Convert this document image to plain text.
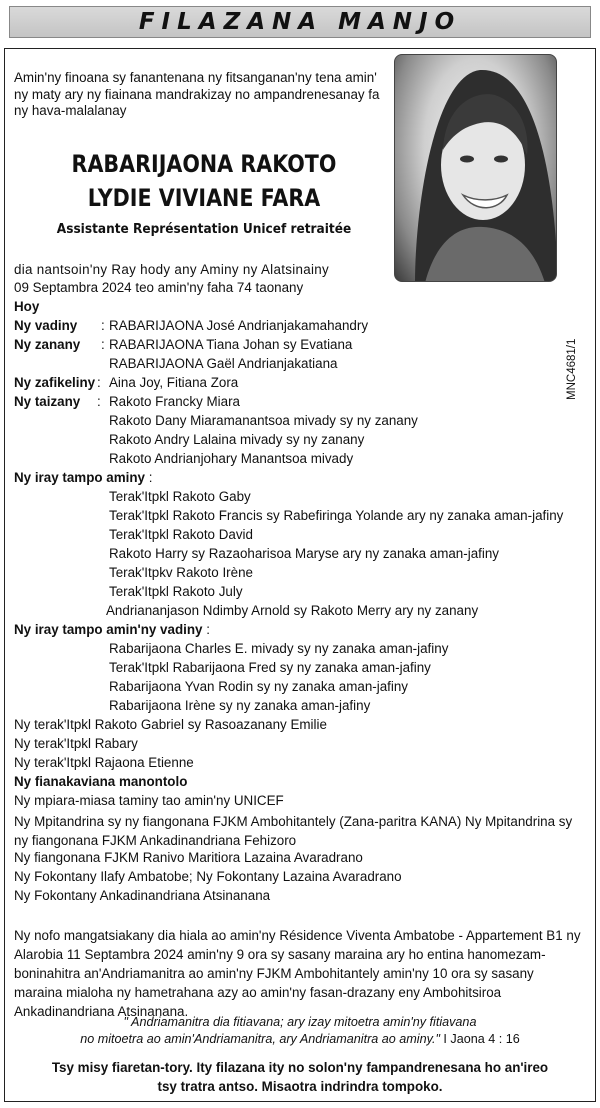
FILAZANA MANJO
Amin'ny finoana sy fanantenana ny fitsanganan'ny tena amin' ny maty ary ny fiainana mandrakizay no ampandrenesanay fa ny hava-malalanay
MNC4681/1
RABARIJAONA RAKOTO
LYDIE VIVIANE FARA
Assistante Représentation Unicef retraitée
dia nantsoin'ny Ray hody any Aminy ny Alatsinainy
09 Septambra 2024 teo amin'ny faha 74 taonany
Hoy
Ny vadiny : RABARIJAONA José Andrianjakamahandry
Ny zanany : RABARIJAONA Tiana Johan sy Evatiana
RABARIJAONA Gaël Andrianjakatiana
Ny zafikeliny : Aina Joy, Fitiana Zora
Ny taizany : Rakoto Francky Miara
Rakoto Dany Miaramanantsoa mivady sy ny zanany
Rakoto Andry Lalaina mivady sy ny zanany
Rakoto Andrianjohary Manantsoa mivady
Ny iray tampo aminy :
Terak'Itpkl Rakoto Gaby
Terak'Itpkl Rakoto Francis sy Rabefiringa Yolande ary ny zanaka aman-jafiny
Terak'Itpkl Rakoto David
Rakoto Harry sy Razaoharisoa Maryse ary ny zanaka aman-jafiny
Terak'Itpkv Rakoto Irène
Terak'Itpkl Rakoto July
Andriananjason Ndimby Arnold sy Rakoto Merry ary ny zanany
Ny iray tampo amin'ny vadiny :
Rabarijaona Charles E. mivady sy ny zanaka aman-jafiny
Terak'Itpkl Rabarijaona Fred sy ny zanaka aman-jafiny
Rabarijaona Yvan Rodin sy ny zanaka aman-jafiny
Rabarijaona Irène sy ny zanaka aman-jafiny
Ny terak'Itpkl Rakoto Gabriel sy Rasoazanany Emilie
Ny terak'Itpkl Rabary
Ny terak'Itpkl Rajaona Etienne
Ny fianakaviana manontolo
Ny mpiara-miasa taminy tao amin'ny UNICEF
Ny Mpitandrina sy ny fiangonana FJKM Ambohitantely (Zana-paritra KANA) Ny Mpitandrina sy ny fiangonana FJKM Ankadinandriana Fehizoro
Ny fiangonana FJKM Ranivo Maritiora Lazaina Avaradrano
Ny Fokontany Ilafy Ambatobe; Ny Fokontany Lazaina Avaradrano
Ny Fokontany Ankadinandriana Atsinanana
Ny nofo mangatsiakany dia hiala ao amin'ny Résidence Viventa Ambatobe - Appartement B1 ny Alarobia 11 Septambra 2024 amin'ny 9 ora sy sasany maraina ary ho entina hanomezam-boninahitra an'Andriamanitra ao amin'ny FJKM Ambohitantely amin'ny 10 ora sy sasany maraina mialoha ny hametrahana azy ao amin'ny fasan-drazany eny Ambohitsiroa Ankadinandriana Atsinanana.
" Andriamanitra dia fitiavana; ary izay mitoetra amin'ny fitiavana
no mitoetra ao amin'Andriamanitra, ary Andriamanitra ao aminy." I Jaona 4 : 16
Tsy misy fiaretan-tory. Ity filazana ity no solon'ny fampandrenesana ho an'ireo
tsy tratra antso. Misaotra indrindra tompoko.
